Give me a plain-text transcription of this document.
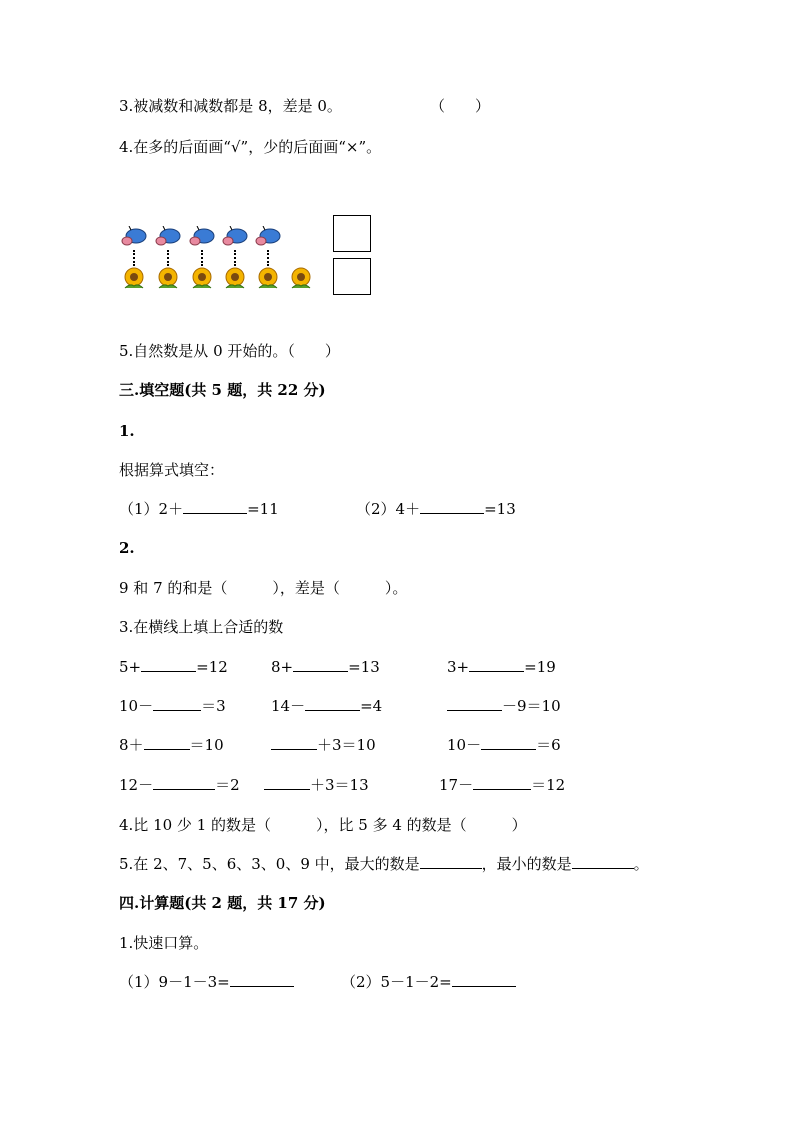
3.被减数和减数都是 8，差是 0。	（　　）
4.在多的后面画“√”，少的后面画“×”。
5.自然数是从 0 开始的。（　　）
三.填空题(共 5 题，共 22 分)
1.
根据算式填空：
（1）2＋	=11	（2）4＋	=13
2.
9 和 7 的和是（　　　），差是（　　　）。
3.在横线上填上合适的数
5+	=12	8+	=13	3+	=19
10－	＝3	14－	=4	－9＝10
8＋	＝10	＋3＝10	10－	＝6
12－	＝2	＋3＝13	17－	＝12
4.比 10 少 1 的数是（　　　），比 5 多 4 的数是（　　　）
5.在 2、7、5、6、3、0、9 中，最大的数是	，最小的数是	。
四.计算题(共 2 题，共 17 分)
1.快速口算。
（1）9－1－3=	（2）5－1－2=
